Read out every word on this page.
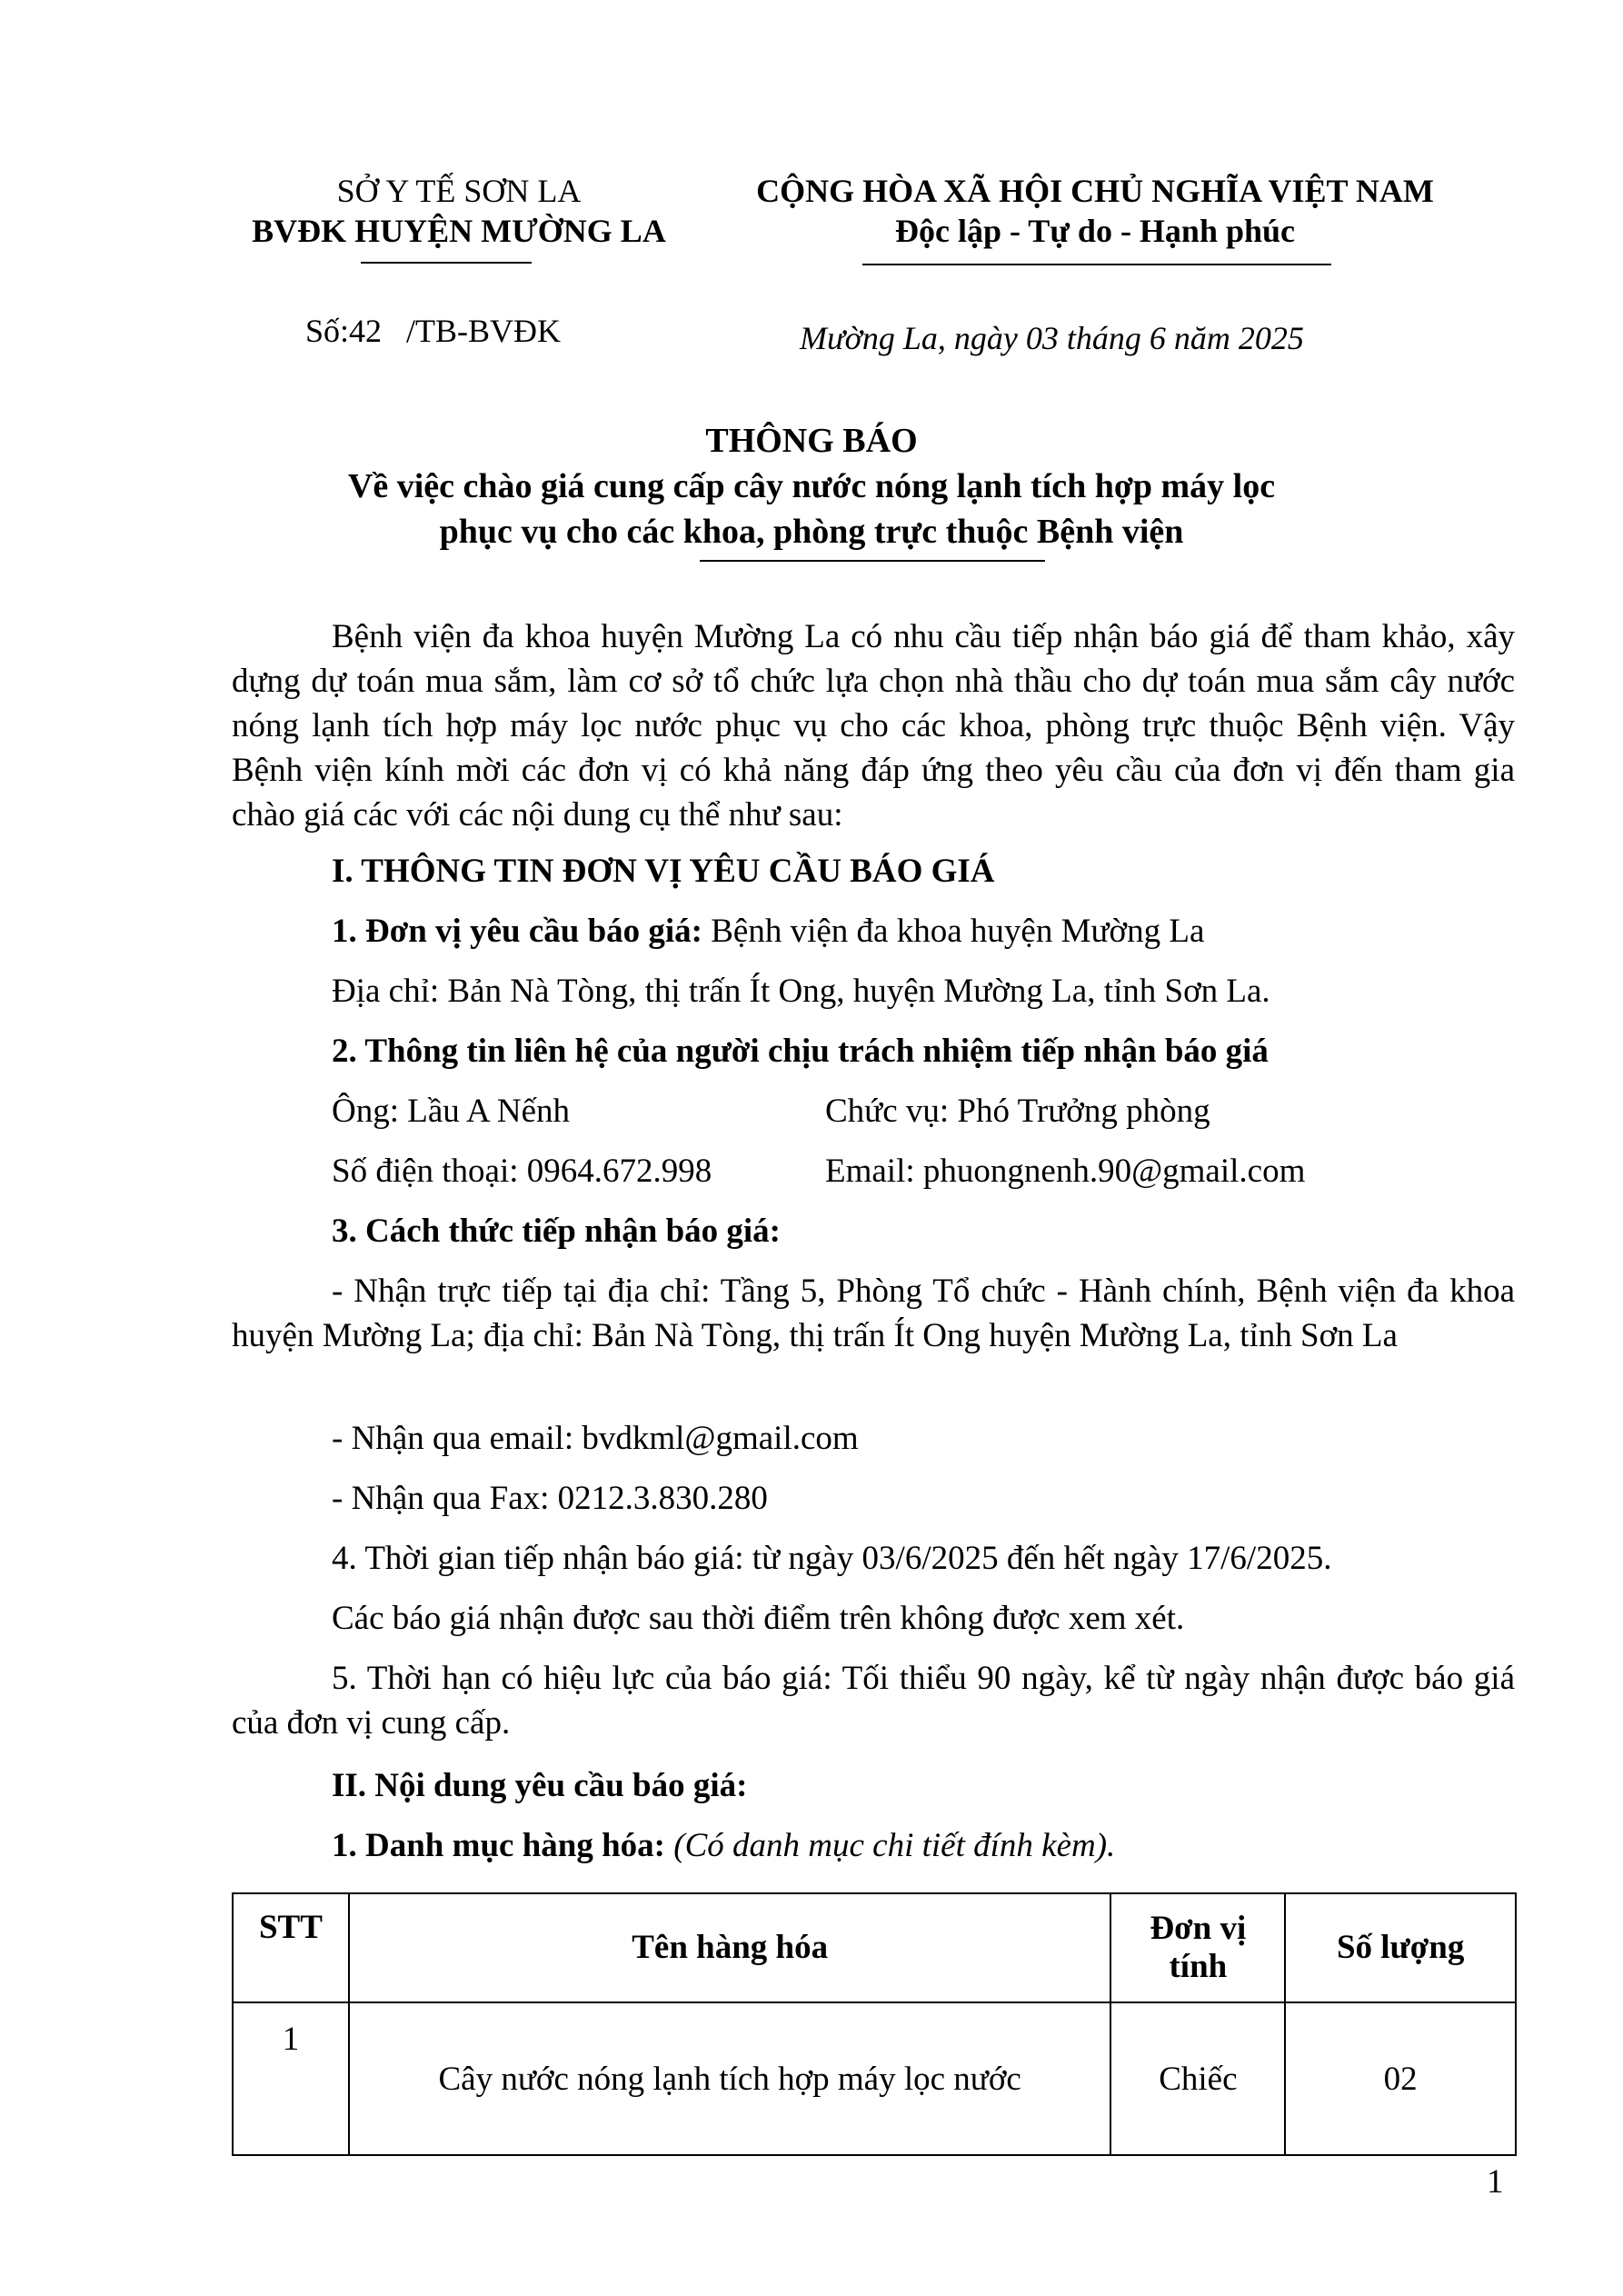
SỞ Y TẾ SƠN LA
BVĐK HUYỆN MƯỜNG LA
CỘNG HÒA XÃ HỘI CHỦ NGHĨA VIỆT NAM
Độc lập - Tự do - Hạnh phúc
Số:42   /TB-BVĐK	Mường La, ngày 03 tháng 6 năm 2025
THÔNG BÁO
Về việc chào giá cung cấp cây nước nóng lạnh tích hợp máy lọc
phục vụ cho các khoa, phòng trực thuộc Bệnh viện
Bệnh viện đa khoa huyện Mường La có nhu cầu tiếp nhận báo giá để tham khảo, xây dựng dự toán mua sắm, làm cơ sở tổ chức lựa chọn nhà thầu cho dự toán mua sắm cây nước nóng lạnh tích hợp máy lọc nước phục vụ cho các khoa, phòng trực thuộc Bệnh viện. Vậy Bệnh viện kính mời các đơn vị có khả năng đáp ứng theo yêu cầu của đơn vị đến tham gia chào giá các với các nội dung cụ thể như sau:
I. THÔNG TIN ĐƠN VỊ YÊU CẦU BÁO GIÁ
1. Đơn vị yêu cầu báo giá: Bệnh viện đa khoa huyện Mường La
Địa chỉ: Bản Nà Tòng, thị trấn Ít Ong, huyện Mường La, tỉnh Sơn La.
2. Thông tin liên hệ của người chịu trách nhiệm tiếp nhận báo giá
Ông: Lầu A Nếnh	Chức vụ: Phó Trưởng phòng
Số điện thoại: 0964.672.998	Email: phuongnenh.90@gmail.com
3. Cách thức tiếp nhận báo giá:
- Nhận trực tiếp tại địa chỉ: Tầng 5, Phòng Tổ chức - Hành chính, Bệnh viện đa khoa huyện Mường La; địa chỉ: Bản Nà Tòng, thị trấn Ít Ong huyện Mường La, tỉnh Sơn La
- Nhận qua email: bvdkml@gmail.com
- Nhận qua Fax: 0212.3.830.280
4. Thời gian tiếp nhận báo giá: từ ngày 03/6/2025 đến hết ngày 17/6/2025.
Các báo giá nhận được sau thời điểm trên không được xem xét.
5. Thời hạn có hiệu lực của báo giá: Tối thiểu 90 ngày, kể từ ngày nhận được báo giá của đơn vị cung cấp.
II. Nội dung yêu cầu báo giá:
1. Danh mục hàng hóa: (Có danh mục chi tiết đính kèm).
STT	Tên hàng hóa	Đơn vị tính	Số lượng
1	Cây nước nóng lạnh tích hợp máy lọc nước	Chiếc	02
1
